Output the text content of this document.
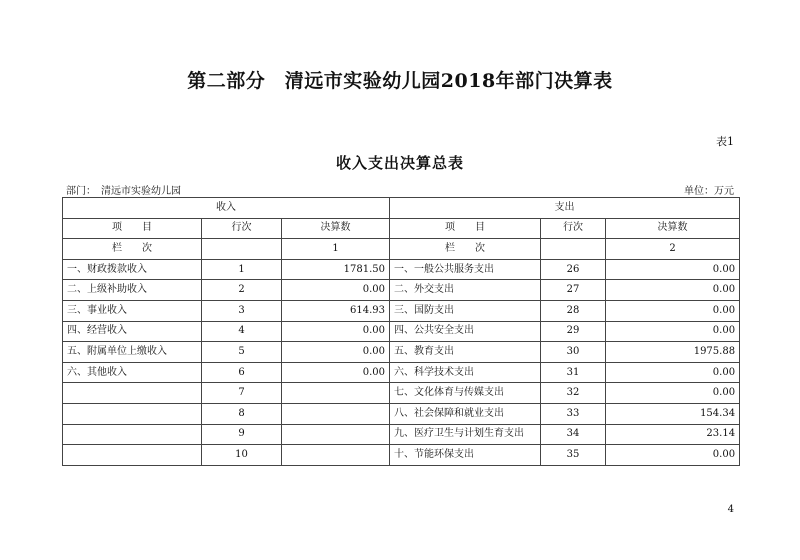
第二部分　清远市实验幼儿园2018年部门决算表
表1
收入支出决算总表
部门：　清远市实验幼儿园	单位：万元
收入			支出		
项　　目	行次	决算数	项　　目	行次	决算数
栏　　次		1	栏　　次		2
一、财政拨款收入	1	1781.50	一、一般公共服务支出	26	0.00
二、上级补助收入	2	0.00	二、外交支出	27	0.00
三、事业收入	3	614.93	三、国防支出	28	0.00
四、经营收入	4	0.00	四、公共安全支出	29	0.00
五、附属单位上缴收入	5	0.00	五、教育支出	30	1975.88
六、其他收入	6	0.00	六、科学技术支出	31	0.00
	7		七、文化体育与传媒支出	32	0.00
	8		八、社会保障和就业支出	33	154.34
	9		九、医疗卫生与计划生育支出	34	23.14
	10		十、节能环保支出	35	0.00
4
